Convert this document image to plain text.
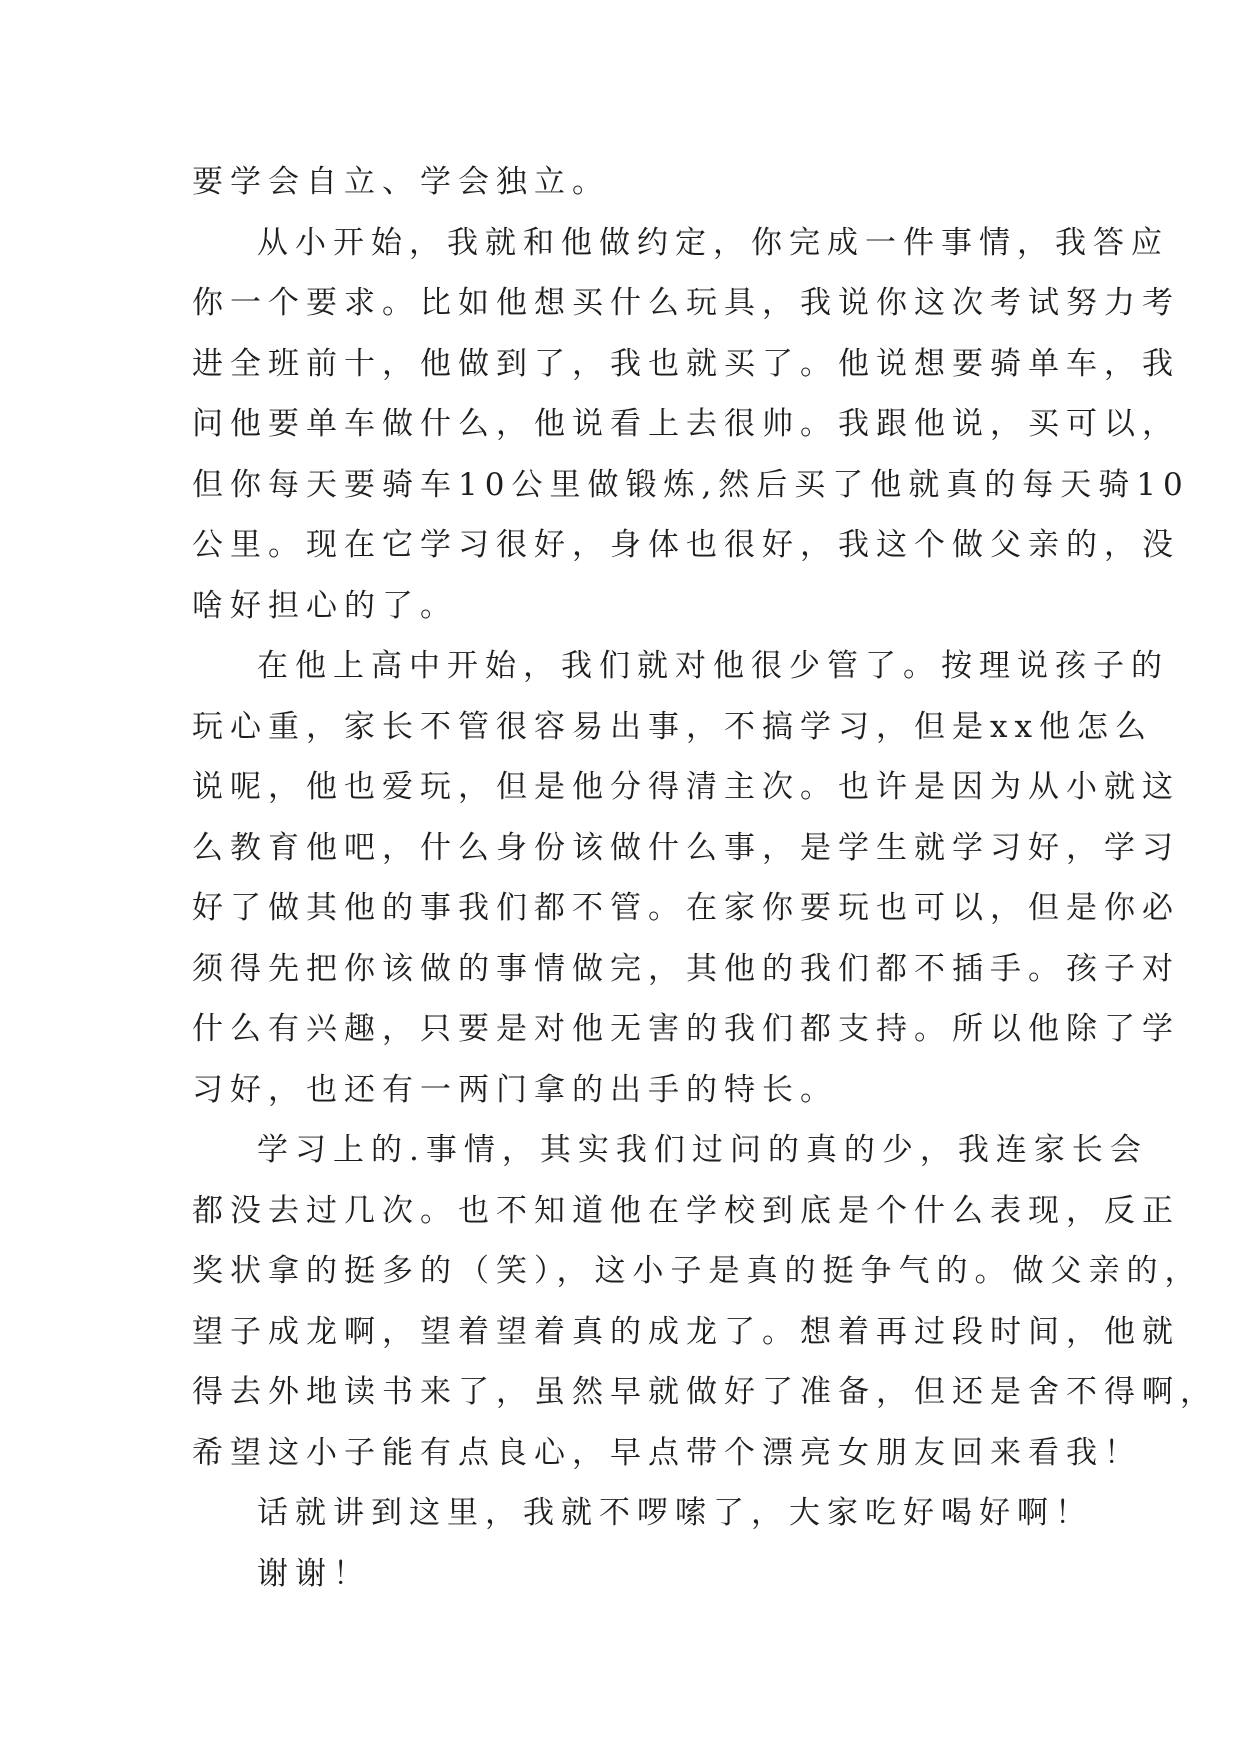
要学会自立、学会独立。
从小开始，我就和他做约定，你完成一件事情，我答应
你一个要求。比如他想买什么玩具，我说你这次考试努力考
进全班前十，他做到了，我也就买了。他说想要骑单车，我
问他要单车做什么，他说看上去很帅。我跟他说，买可以，
但你每天要骑车10公里做锻炼,然后买了他就真的每天骑10
公里。现在它学习很好，身体也很好，我这个做父亲的，没
啥好担心的了。
在他上高中开始，我们就对他很少管了。按理说孩子的
玩心重，家长不管很容易出事，不搞学习，但是xx他怎么
说呢，他也爱玩，但是他分得清主次。也许是因为从小就这
么教育他吧，什么身份该做什么事，是学生就学习好，学习
好了做其他的事我们都不管。在家你要玩也可以，但是你必
须得先把你该做的事情做完，其他的我们都不插手。孩子对
什么有兴趣，只要是对他无害的我们都支持。所以他除了学
习好，也还有一两门拿的出手的特长。
学习上的.事情，其实我们过问的真的少，我连家长会
都没去过几次。也不知道他在学校到底是个什么表现，反正
奖状拿的挺多的（笑），这小子是真的挺争气的。做父亲的，
望子成龙啊，望着望着真的成龙了。想着再过段时间，他就
得去外地读书来了，虽然早就做好了准备，但还是舍不得啊，
希望这小子能有点良心，早点带个漂亮女朋友回来看我！
话就讲到这里，我就不啰嗦了，大家吃好喝好啊！
谢谢！
